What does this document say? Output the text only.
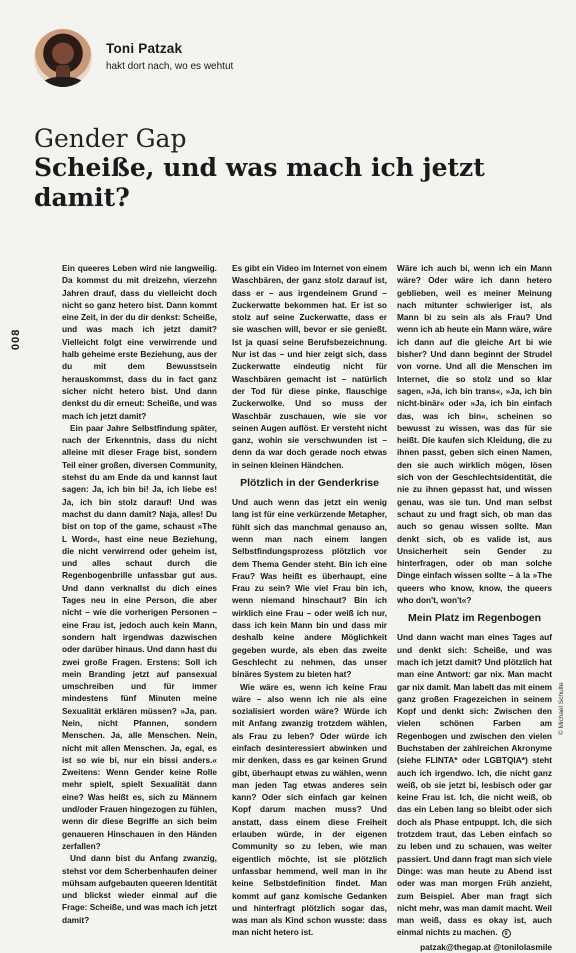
Toni Patzak
hakt dort nach, wo es wehtut
Gender Gap
Scheiße, und was mach ich jetzt damit?
008

Ein queeres Leben wird nie langweilig. Da kommst du mit dreizehn, vierzehn Jahren drauf, dass du vielleicht doch nicht so ganz hetero bist. Dann kommt eine Zeit, in der du dir denkst: Scheiße, und was mach ich jetzt damit? Vielleicht folgt eine verwirrende und halb geheime erste Beziehung, aus der du mit dem Bewusstsein herauskommst, dass du in fact ganz sicher nicht hetero bist. Und dann denkst du dir erneut: Scheiße, und was mach ich jetzt damit?

Ein paar Jahre Selbstfindung später, nach der Erkenntnis, dass du nicht alleine mit dieser Frage bist, sondern Teil einer großen, diversen Community, stehst du am Ende da und kannst laut sagen: Ja, ich bin bi! Ja, ich liebe es! Ja, ich bin stolz darauf! Und was machst du dann damit? Naja, alles! Du bist on top of the game, schaust »The L Word«, hast eine neue Beziehung, die nicht verwirrend oder geheim ist, und alles schaut durch die Regenbogenbrille unfassbar gut aus. Und dann verknallst du dich eines Tages neu in eine Person, die aber nicht – wie die vorherigen Personen – eine Frau ist, jedoch auch kein Mann, sondern halt irgendwas dazwischen oder darüber hinaus. Und dann hast du zwei große Fragen. Erstens: Soll ich mein Branding jetzt auf pansexual umschreiben und für immer mindestens fünf Minuten meine Sexualität erklären müssen? »Ja, pan. Nein, nicht Pfannen, sondern Menschen. Ja, alle Menschen. Nein, nicht mit allen Menschen. Ja, egal, es ist so wie bi, nur ein bissi anders.« Zweitens: Wenn Gender keine Rolle mehr spielt, spielt Sexualität dann eine? Was heißt es, sich zu Männern und/oder Frauen hingezogen zu fühlen, wenn dir diese Begriffe an sich beim genaueren Hinschauen in den Händen zerfallen?

Und dann bist du Anfang zwanzig, stehst vor dem Scherbenhaufen deiner mühsam aufgebauten queeren Identität und blickst wieder einmal auf die Frage: Scheiße, und was mach ich jetzt damit?

Es gibt ein Video im Internet von einem Waschbären, der ganz stolz darauf ist, dass er – aus irgendeinem Grund – Zuckerwatte bekommen hat. Er ist so stolz auf seine Zuckerwatte, dass er sie waschen will, bevor er sie genießt. Ist ja quasi seine Berufsbezeichnung. Nur ist das – und hier zeigt sich, dass Zuckerwatte eindeutig nicht für Waschbären gemacht ist – natürlich der Tod für diese pinke, flauschige Zuckerwolke. Und so muss der Waschbär zuschauen, wie sie vor seinen Augen auflöst. Er versteht nicht ganz, wohin sie verschwunden ist – denn da war doch gerade noch etwas in seinen kleinen Händchen.

Plötzlich in der Genderkrise

Und auch wenn das jetzt ein wenig lang ist für eine verkürzende Metapher, fühlt sich das manchmal genauso an, wenn man nach einem langen Selbstfindungsprozess plötzlich vor dem Thema Gender steht. Bin ich eine Frau? Was heißt es überhaupt, eine Frau zu sein? Wie viel Frau bin ich, wenn niemand hinschaut? Bin ich wirklich eine Frau – oder weiß ich nur, dass ich kein Mann bin und dass mir deshalb keine andere Möglichkeit gegeben wurde, als eben das zweite Geschlecht zu nehmen, das unser binäres System zu bieten hat?

Wie wäre es, wenn ich keine Frau wäre – also wenn ich nie als eine sozialisiert worden wäre? Würde ich mit Anfang zwanzig trotzdem wählen, als Frau zu leben? Oder würde ich einfach desinteressiert abwinken und mir denken, dass es gar keinen Grund gibt, überhaupt etwas zu wählen, wenn man jeden Tag etwas anderes sein kann? Oder sich einfach gar keinen Kopf darum machen muss? Und anstatt, dass einem diese Freiheit erlauben würde, in der eigenen Community so zu leben, wie man eigentlich möchte, ist sie plötzlich unfassbar hemmend, weil man in ihr keine Selbstdefinition findet. Man kommt auf ganz komische Gedanken und hinterfragt plötzlich sogar das, was man als Kind schon wusste: dass man nicht hetero ist.

Wäre ich auch bi, wenn ich ein Mann wäre? Oder wäre ich dann hetero geblieben, weil es meiner Meinung nach mitunter schwieriger ist, als Mann bi zu sein als als Frau? Und wenn ich ab heute ein Mann wäre, wäre ich dann auf die gleiche Art bi wie bisher? Und dann beginnt der Strudel von vorne. Und all die Menschen im Internet, die so stolz und so klar sagen, »Ja, ich bin trans«, »Ja, ich bin nicht-binär« oder »Ja, ich bin einfach das, was ich bin«, scheinen so bewusst zu wissen, was das für sie heißt. Die kaufen sich Kleidung, die zu ihnen passt, geben sich einen Namen, den sie auch wirklich mögen, lösen sich von der Geschlechtsidentität, die nie zu ihnen gepasst hat, und wissen genau, was sie tun. Und man selbst schaut zu und fragt sich, ob man das auch so genau wissen sollte. Man denkt sich, ob es valide ist, aus Unsicherheit sein Gender zu hinterfragen, oder ob man solche Dinge einfach wissen sollte – à la »The queers who know, know, the queers who don't, won't«?

Mein Platz im Regenbogen

Und dann wacht man eines Tages auf und denkt sich: Scheiße, und was mach ich jetzt damit? Und plötzlich hat man eine Antwort: gar nix. Man macht gar nix damit. Man labelt das mit einem ganz großen Fragezeichen in seinem Kopf und denkt sich: Zwischen den vielen schönen Farben am Regenbogen und zwischen den vielen Buchstaben der zahlreichen Akronyme (siehe FLINTA* oder LGBTQIA*) steht auch ich irgendwo. Ich, die nicht ganz weiß, ob sie jetzt bi, lesbisch oder gar keine Frau ist. Ich, die nicht weiß, ob das ein Leben lang so bleibt oder sich doch als Phase entpuppt. Ich, die sich trotzdem traut, das Leben einfach so zu leben und zu schauen, was weiter passiert. Und dann fragt man sich viele Dinge: was man heute zu Abend isst oder was man morgen Früh anzieht, zum Beispiel. Aber man fragt sich nicht mehr, was man damit macht. Weil man weiß, dass es okay ist, auch einmal nichts zu machen. g

patzak@thegap.at @tonilolasmile
© Michael Schulte
